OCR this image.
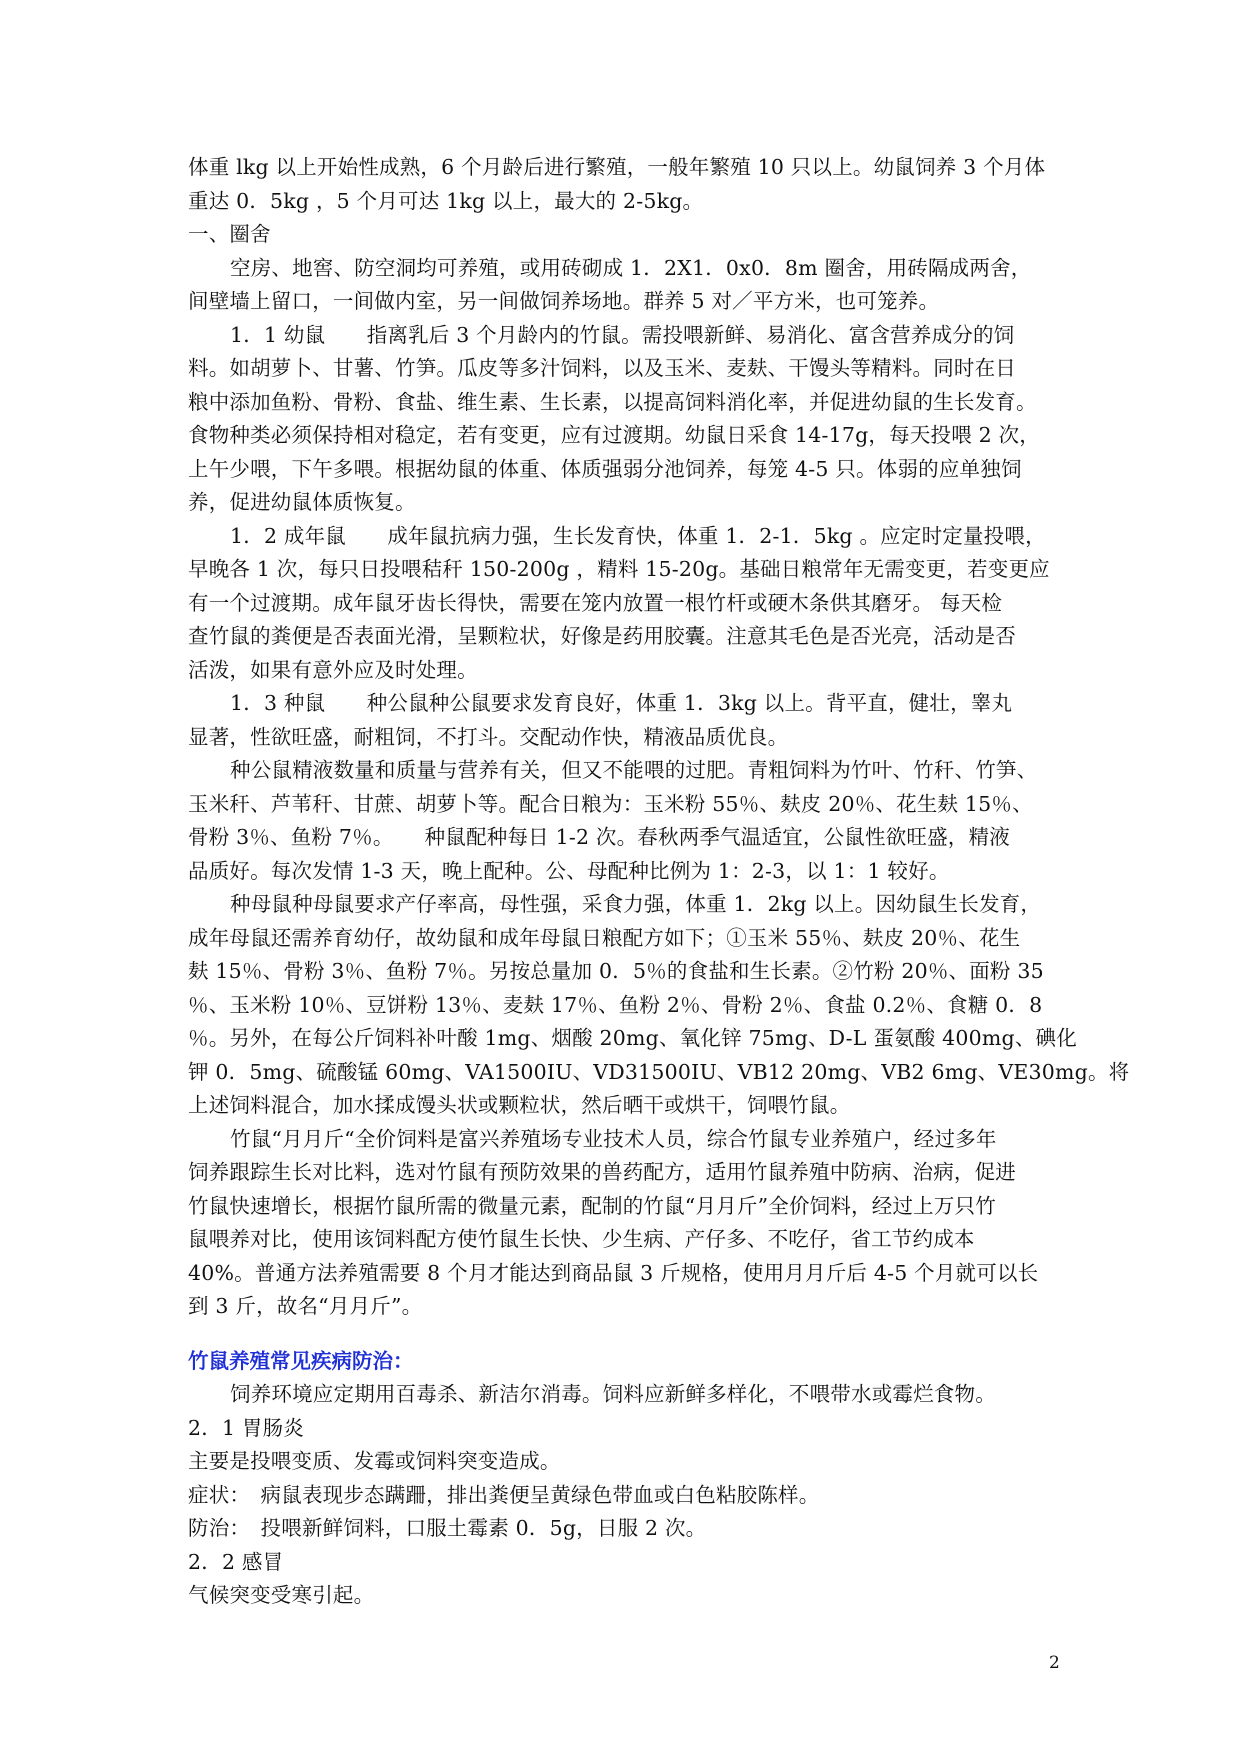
体重 lkg 以上开始性成熟，6 个月龄后进行繁殖，一般年繁殖 10 只以上。幼鼠饲养 3 个月体
重达 0．5kg ，5 个月可达 1kg 以上，最大的 2-5kg。
一、圈舍
空房、地窖、防空洞均可养殖，或用砖砌成 1．2X1．0x0．8m 圈舍，用砖隔成两舍，
间壁墙上留口，一间做内室，另一间做饲养场地。群养 5 对／平方米，也可笼养。
1．1 幼鼠　　指离乳后 3 个月龄内的竹鼠。需投喂新鲜、易消化、富含营养成分的饲
料。如胡萝卜、甘薯、竹笋。瓜皮等多汁饲料，以及玉米、麦麸、干馒头等精料。同时在日
粮中添加鱼粉、骨粉、食盐、维生素、生长素，以提高饲料消化率，并促进幼鼠的生长发育。
食物种类必须保持相对稳定，若有变更，应有过渡期。幼鼠日采食 14-17g，每天投喂 2 次，
上午少喂，下午多喂。根据幼鼠的体重、体质强弱分池饲养，每笼 4-5 只。体弱的应单独饲
养，促进幼鼠体质恢复。
1．2 成年鼠　　成年鼠抗病力强，生长发育快，体重 1．2-1．5kg 。应定时定量投喂，
早晚各 1 次，每只日投喂秸秆 150-200g ，精料 15-20g。基础日粮常年无需变更，若变更应
有一个过渡期。成年鼠牙齿长得快，需要在笼内放置一根竹杆或硬木条供其磨牙。 每天检
查竹鼠的粪便是否表面光滑，呈颗粒状，好像是药用胶囊。注意其毛色是否光亮，活动是否
活泼，如果有意外应及时处理。
1．3 种鼠　　种公鼠种公鼠要求发育良好，体重 1．3kg 以上。背平直，健壮，睾丸
显著，性欲旺盛，耐粗饲，不打斗。交配动作快，精液品质优良。
种公鼠精液数量和质量与营养有关，但又不能喂的过肥。青粗饲料为竹叶、竹秆、竹笋、
玉米秆、芦苇秆、甘蔗、胡萝卜等。配合日粮为：玉米粉 55％、麸皮 20％、花生麸 15％、
骨粉 3％、鱼粉 7％。　　种鼠配种每日 1-2 次。春秋两季气温适宜，公鼠性欲旺盛，精液
品质好。每次发情 1-3 天，晚上配种。公、母配种比例为 1：2-3，以 1：1 较好。
种母鼠种母鼠要求产仔率高，母性强，采食力强，体重 1．2kg 以上。因幼鼠生长发育，
成年母鼠还需养育幼仔，故幼鼠和成年母鼠日粮配方如下；①玉米 55％、麸皮 20％、花生
麸 15％、骨粉 3％、鱼粉 7％。另按总量加 0．5％的食盐和生长素。②竹粉 20％、面粉 35
％、玉米粉 10％、豆饼粉 13％、麦麸 17％、鱼粉 2％、骨粉 2％、食盐 0.2％、食糖 0．8
％。另外，在每公斤饲料补叶酸 1mg、烟酸 20mg、氧化锌 75mg、D-L 蛋氨酸 400mg、碘化
钾 0．5mg、硫酸锰 60mg、VA1500IU、VD31500IU、VB12 20mg、VB2 6mg、VE30mg。将
上述饲料混合，加水揉成馒头状或颗粒状，然后晒干或烘干，饲喂竹鼠。
竹鼠“月月斤“全价饲料是富兴养殖场专业技术人员，综合竹鼠专业养殖户，经过多年
饲养跟踪生长对比料，选对竹鼠有预防效果的兽药配方，适用竹鼠养殖中防病、治病，促进
竹鼠快速增长，根据竹鼠所需的微量元素，配制的竹鼠“月月斤”全价饲料，经过上万只竹
鼠喂养对比，使用该饲料配方使竹鼠生长快、少生病、产仔多、不吃仔，省工节约成本
40%。普通方法养殖需要 8 个月才能达到商品鼠 3 斤规格，使用月月斤后 4-5 个月就可以长
到 3 斤，故名“月月斤”。
竹鼠养殖常见疾病防治：
饲养环境应定期用百毒杀、新洁尔消毒。饲料应新鲜多样化，不喂带水或霉烂食物。
2．1 胃肠炎
主要是投喂变质、发霉或饲料突变造成。
症状：　病鼠表现步态蹒跚，排出粪便呈黄绿色带血或白色粘胶陈样。
防治：　投喂新鲜饲料，口服土霉素 0．5g，日服 2 次。
2．2 感冒
气候突变受寒引起。
2
